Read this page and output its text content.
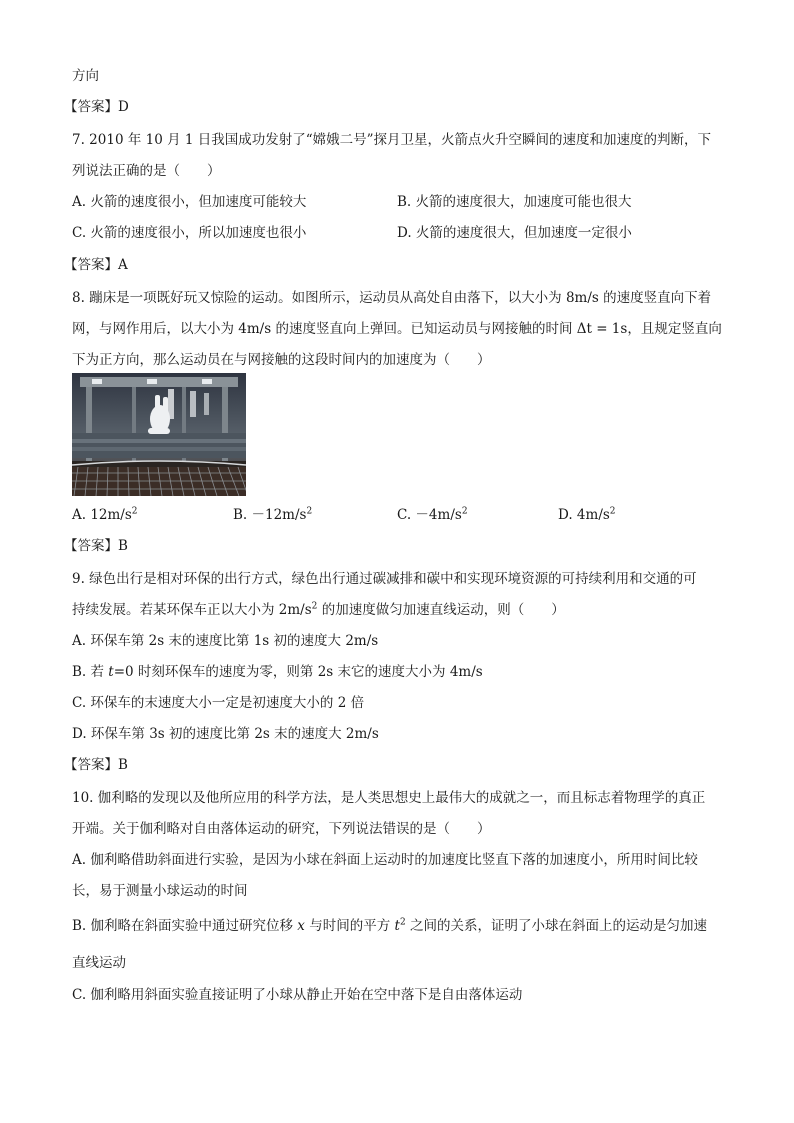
方向
【答案】D
7. 2010 年 10 月 1 日我国成功发射了“嫦娥二号”探月卫星，火箭点火升空瞬间的速度和加速度的判断，下
列说法正确的是（　　）
A. 火箭的速度很小，但加速度可能较大	B. 火箭的速度很大，加速度可能也很大
C. 火箭的速度很小，所以加速度也很小	D. 火箭的速度很大，但加速度一定很小
【答案】A
8. 蹦床是一项既好玩又惊险的运动。如图所示，运动员从高处自由落下，以大小为 8m/s 的速度竖直向下着
网，与网作用后，以大小为 4m/s 的速度竖直向上弹回。已知运动员与网接触的时间 Δt = 1s，且规定竖直向
下为正方向，那么运动员在与网接触的这段时间内的加速度为（　　）
A. $12m/s^2$	B. $-12m/s^2$	C. $-4m/s^2$	D. $4m/s^2$
【答案】B
9. 绿色出行是相对环保的出行方式，绿色出行通过碳减排和碳中和实现环境资源的可持续利用和交通的可
持续发展。若某环保车正以大小为 $2m/s^2$ 的加速度做匀加速直线运动，则（　　）
A. 环保车第 2s 末的速度比第 1s 初的速度大 2m/s
B. 若 t=0 时刻环保车的速度为零，则第 2s 末它的速度大小为 4m/s
C. 环保车的末速度大小一定是初速度大小的 2 倍
D. 环保车第 3s 初的速度比第 2s 末的速度大 2m/s
【答案】B
10. 伽利略的发现以及他所应用的科学方法，是人类思想史上最伟大的成就之一，而且标志着物理学的真正
开端。关于伽利略对自由落体运动的研究，下列说法错误的是（　　）
A. 伽利略借助斜面进行实验，是因为小球在斜面上运动时的加速度比竖直下落的加速度小，所用时间比较
长，易于测量小球运动的时间
B. 伽利略在斜面实验中通过研究位移 x 与时间的平方 $t^2$ 之间的关系，证明了小球在斜面上的运动是匀加速
直线运动
C. 伽利略用斜面实验直接证明了小球从静止开始在空中落下是自由落体运动
